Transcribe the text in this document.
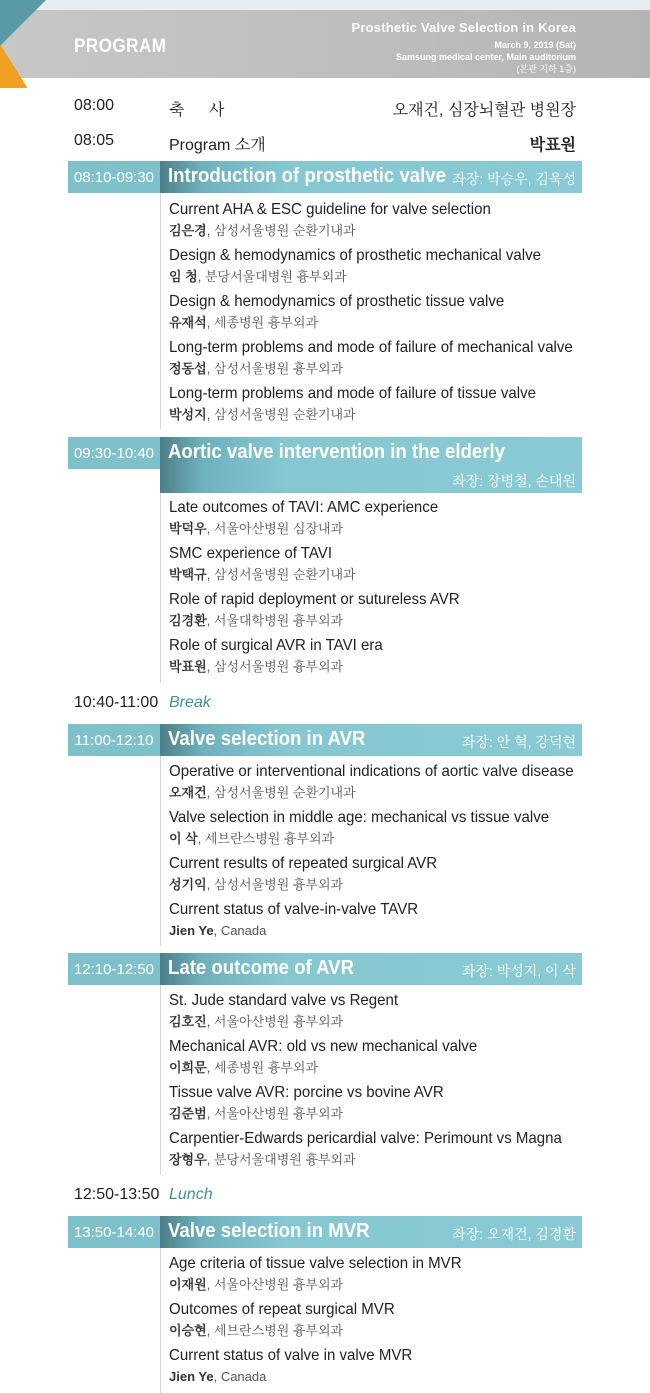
PROGRAM
Prosthetic Valve Selection in Korea
March 9, 2019 (Sat)
Samsung medical center, Main auditorium
(본관 지하 1층)
08:00	축 사	오재건, 심장뇌혈관 병원장
08:05	Program 소개	박표원
08:10-09:30 Introduction of prosthetic valve 좌장: 박승우, 김욱성
Current AHA & ESC guideline for valve selection
김은경, 삼성서울병원 순환기내과
Design & hemodynamics of prosthetic mechanical valve
임 청, 분당서울대병원 흉부외과
Design & hemodynamics of prosthetic tissue valve
유재석, 세종병원 흉부외과
Long-term problems and mode of failure of mechanical valve
정동섭, 삼성서울병원 흉부외과
Long-term problems and mode of failure of tissue valve
박성지, 삼성서울병원 순환기내과
09:30-10:40 Aortic valve intervention in the elderly
좌장: 장병철, 손대원
Late outcomes of TAVI: AMC experience
박덕우, 서울아산병원 심장내과
SMC experience of TAVI
박택규, 삼성서울병원 순환기내과
Role of rapid deployment or sutureless AVR
김경환, 서울대학병원 흉부외과
Role of surgical AVR in TAVI era
박표원, 삼성서울병원 흉부외과
10:40-11:00 Break
11:00-12:10 Valve selection in AVR	좌장: 안 혁, 강덕현
Operative or interventional indications of aortic valve disease
오재건, 삼성서울병원 순환기내과
Valve selection in middle age: mechanical vs tissue valve
이 삭, 세브란스병원 흉부외과
Current results of repeated surgical AVR
성기익, 삼성서울병원 흉부외과
Current status of valve-in-valve TAVR
Jien Ye, Canada
12:10-12:50 Late outcome of AVR	좌장: 박성지, 이 삭
St. Jude standard valve vs Regent
김호진, 서울아산병원 흉부외과
Mechanical AVR: old vs new mechanical valve
이희문, 세종병원 흉부외과
Tissue valve AVR: porcine vs bovine AVR
김준범, 서울아산병원 흉부외과
Carpentier-Edwards pericardial valve: Perimount vs Magna
장형우, 분당서울대병원 흉부외과
12:50-13:50 Lunch
13:50-14:40 Valve selection in MVR	좌장: 오재건, 김경환
Age criteria of tissue valve selection in MVR
이재원, 서울아산병원 흉부외과
Outcomes of repeat surgical MVR
이승현, 세브란스병원 흉부외과
Current status of valve in valve MVR
Jien Ye, Canada
